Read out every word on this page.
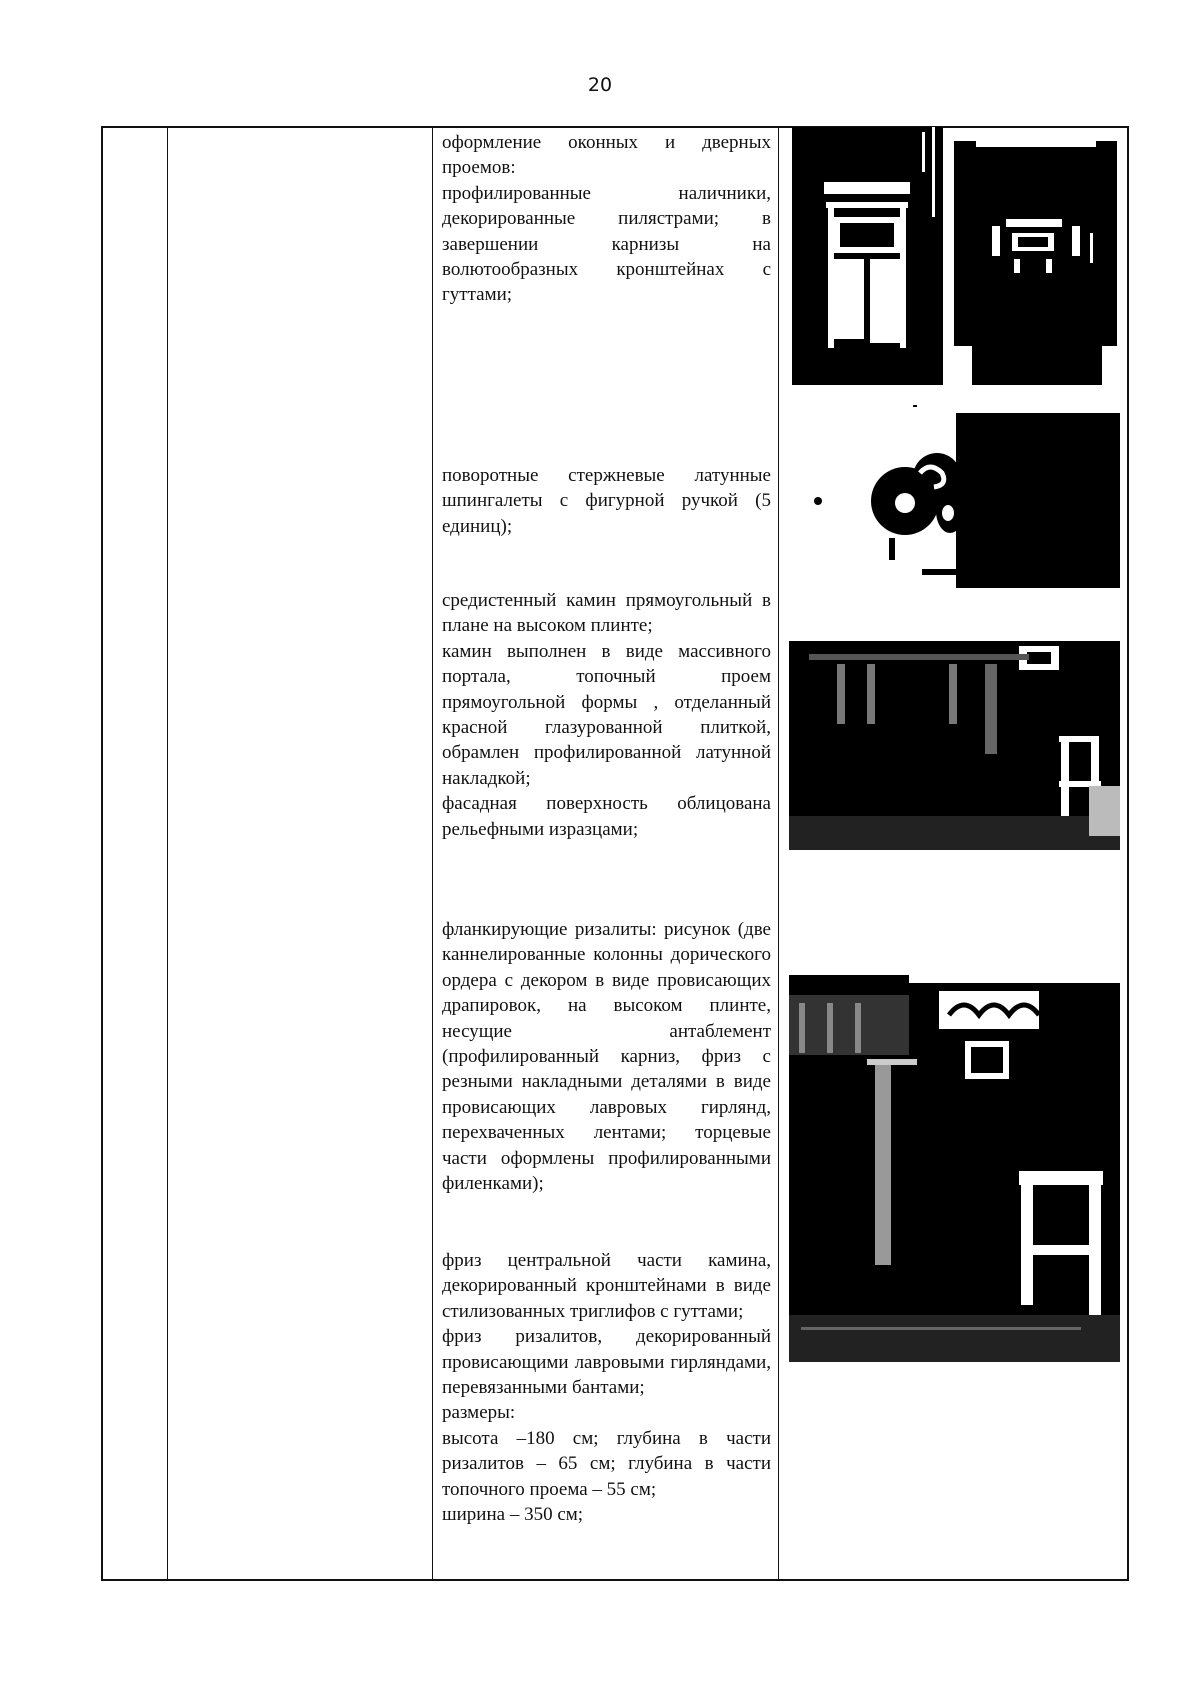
20

оформление оконных и дверных проемов:

профилированные наличники, декорированные пилястрами; в завершении карнизы на волютообразных кронштейнах с гуттами;

поворотные стержневые латунные шпингалеты с фигурной ручкой (5 единиц);

средистенный камин прямоугольный в плане на высоком плинте;

камин выполнен в виде массивного портала, топочный проем прямоугольной формы , отделанный красной глазурованной плиткой, обрамлен профилированной латунной накладкой;

фасадная поверхность облицована рельефными изразцами;

фланкирующие ризалиты: рисунок (две каннелированные колонны дорического ордера с декором в виде провисающих драпировок, на высоком плинте, несущие антаблемент (профилированный карниз, фриз с резными накладными деталями в виде провисающих лавровых гирлянд, перехваченных лентами; торцевые части оформлены профилированными филенками);

фриз центральной части камина, декорированный кронштейнами в виде стилизованных триглифов с гуттами;

фриз ризалитов, декорированный провисающими лавровыми гирляндами, перевязанными бантами;

размеры:

высота –180 см; глубина в части ризалитов – 65 см; глубина в части топочного проема – 55 см;

ширина – 350 см;
